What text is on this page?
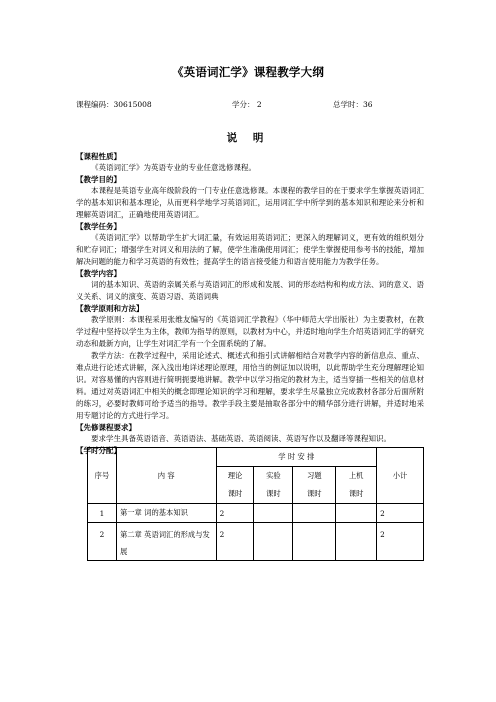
《英语词汇学》课程教学大纲
课程编码：30615008	学分： 2	总学时：36
说 明
【课程性质】

《英语词汇学》为英语专业的专业任意选修课程。

【教学目的】

本课程是英语专业高年级阶段的一门专业任意选修课。本课程的教学目的在于要求学生掌握英语词汇学的基本知识和基本理论，从而更科学地学习英语词汇，运用词汇学中所学到的基本知识和理论来分析和理解英语词汇，正确地使用英语词汇。

【教学任务】

《英语词汇学》以帮助学生扩大词汇量，有效运用英语词汇；更深入的理解词义，更有效的组织划分和贮存词汇；增强学生对词义和用法的了解，使学生准确使用词汇；使学生掌握使用参考书的技能，增加解决问题的能力和学习英语的有效性；提高学生的语言接受能力和语言使用能力为教学任务。

【教学内容】

词的基本知识、英语的亲属关系与英语词汇的形成和发展、词的形态结构和构成方法、词的意义、语义关系、词义的演变、英语习语、英语词典

【教学原则和方法】

教学原则：本课程采用张维友编写的《英语词汇学教程》（华中师范大学出版社）为主要教材，在教学过程中坚持以学生为主体，教师为指导的原则，以教材为中心，并适时地向学生介绍英语词汇学的研究动态和最新方向，让学生对词汇学有一个全面系统的了解。

教学方法：在教学过程中，采用论述式、概述式和指引式讲解相结合对教学内容的新信息点、重点、难点进行论述式讲解，深入浅出地详述理论原理，用恰当的例证加以说明，以此帮助学生充分理解理论知识。对容易懂的内容则进行简明扼要地讲解。教学中以学习指定的教材为主，适当穿插一些相关的信息材料。通过对英语词汇中相关的概念即理论知识的学习和理解，要求学生尽量独立完成教材各部分后面所附的练习，必要时教师可给予适当的指导。教学手段主要是抽取各部分中的精华部分进行讲解，并适时地采用专题讨论的方式进行学习。

【先修课程要求】

要求学生具备英语语音、英语语法、基础英语、英语阅读、英语写作以及翻译等课程知识。

【学时分配】
序号	内 容	学 时 安 排				小计
		理论	实验	习题	上机	
		课时	课时	课时	课时	
1	第一章 词的基本知识	2				2
2	第二章 英语词汇的形成与发展	2				2
